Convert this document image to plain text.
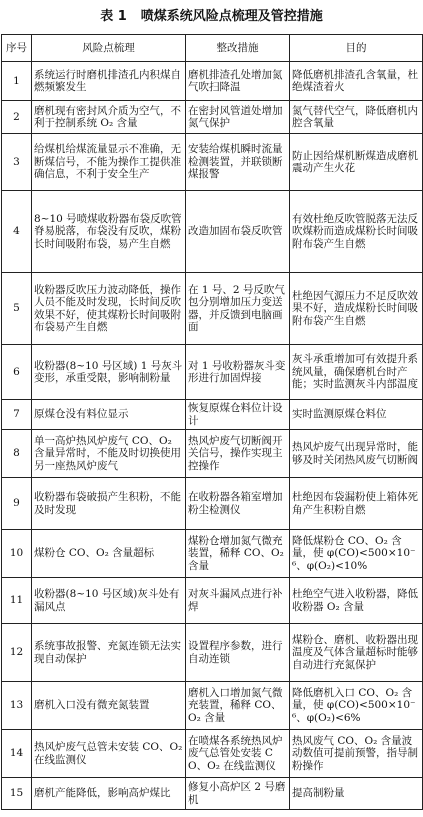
表 1 喷煤系统风险点梳理及管控措施
序号	风险点梳理	整改措施	目的
1	系统运行时磨机排渣孔内积煤自燃频繁发生	磨机排渣孔处增加氮气吹扫降温	降低磨机排渣孔含氧量，杜绝煤渣着火
2	磨机现有密封风介质为空气，不利于控制系统 O₂ 含量	在密封风管道处增加氮气保护	氮气替代空气，降低磨机内腔含氧量
3	给煤机给煤流量显示不准确，无断煤信号，不能为操作工提供准确信息，不利于安全生产	安装给煤机瞬时流量检测装置，并联锁断煤报警	防止因给煤机断煤造成磨机震动产生火花
4	8~10 号喷煤收粉器布袋反吹管脊易脱落，布袋没有反吹，煤粉长时间吸附布袋，易产生自燃	改造加固布袋反吹管	有效杜绝反吹管脱落无法反吹煤粉而造成煤粉长时间吸附布袋产生自燃
5	收粉器反吹压力波动降低，操作人员不能及时发现，长时间反吹效果不好，使其煤粉长时间吸附布袋易产生自燃	在 1 号、2 号反吹气包分别增加压力变送器，并反馈到电脑画面	杜绝因气源压力不足反吹效果不好，造成煤粉长时间吸附布袋产生自燃
6	收粉器(8~10 号区域) 1 号灰斗变形，承重受限，影响制粉量	对 1 号收粉器灰斗变形进行加固焊接	灰斗承重增加可有效提升系统风量，确保磨机台时产能；实时监测灰斗内部温度
7	原煤仓没有料位显示	恢复原煤仓料位计设计	实时监测原煤仓料位
8	单一高炉热风炉废气 CO、O₂ 含量异常时，不能及时切换使用另一座热风炉废气	热风炉废气切断阀开关信号，操作实现主控操作	热风炉废气出现异常时，能够及时关闭热风废气切断阀
9	收粉器布袋破损产生积粉，不能及时发现	在收粉器各箱室增加粉尘检测仪	杜绝因布袋漏粉使上箱体死角产生积粉自燃
10	煤粉仓 CO、O₂ 含量超标	煤粉仓增加氮气微充装置，稀释 CO、O₂ 含量	降低煤粉仓 CO、O₂ 含量，使 φ(CO)<500×10⁻⁶、φ(O₂)<10%
11	收粉器(8~10 号区域)灰斗处有漏风点	对灰斗漏风点进行补焊	杜绝空气进入收粉器，降低收粉器 O₂ 含量
12	系统事故报警、充氮连锁无法实现自动保护	设置程序参数，进行自动连锁	煤粉仓、磨机、收粉器出现温度及气体含量超标时能够自动进行充氮保护
13	磨机入口没有微充氮装置	磨机入口增加氮气微充装置，稀释 CO、O₂ 含量	降低磨机入口 CO、O₂ 含量，使 φ(CO)<500×10⁻⁶、φ(O₂)<6%
14	热风炉废气总管未安装 CO、O₂ 在线监测仪	在喷煤各系统热风炉废气总管处安装 CO、O₂ 在线监测仪	热风废气 CO、O₂ 含量波动数值可提前预警，指导制粉操作
15	磨机产能降低，影响高炉煤比	修复小高炉区 2 号磨机	提高制粉量
